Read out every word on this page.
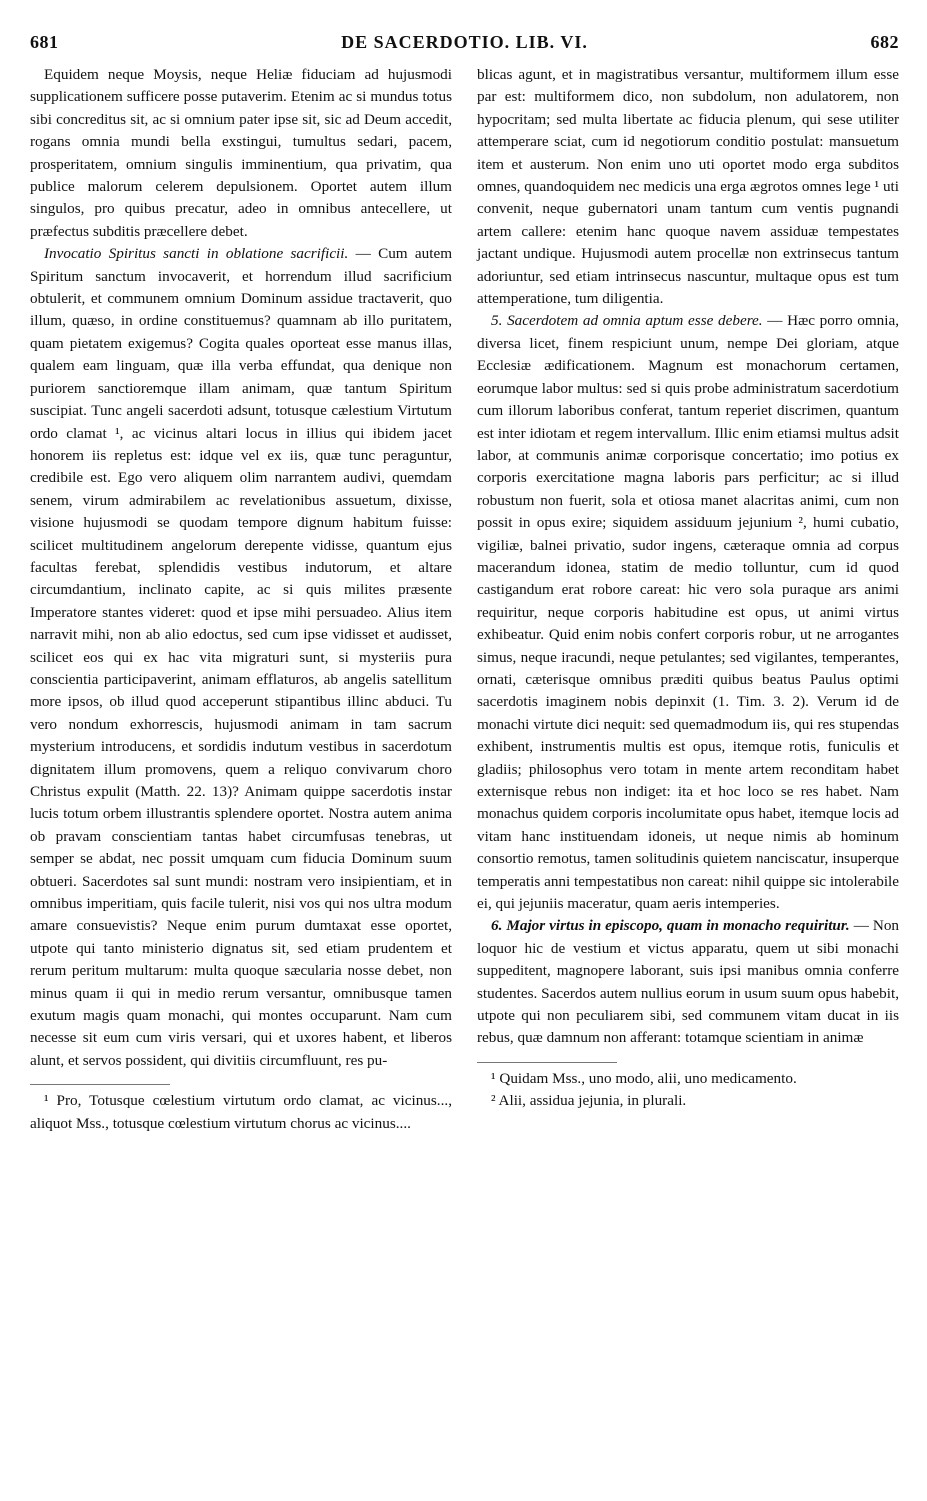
681	DE SACERDOTIO. LIB. VI.	682

Equidem neque Moysis, neque Heliæ fiduciam ad hujusmodi supplicationem sufficere posse putaverim. Etenim ac si mundus totus sibi concreditus sit, ac si omnium pater ipse sit, sic ad Deum accedit, rogans omnia mundi bella exstingui, tumultus sedari, pacem, prosperitatem, omnium singulis imminentium, qua privatim, qua publice malorum celerem depulsionem. Oportet autem illum singulos, pro quibus precatur, adeo in omnibus antecellere, ut præfectus subditis præcellere debet.

Invocatio Spiritus sancti in oblatione sacrificii. — Cum autem Spiritum sanctum invocaverit, et horrendum illud sacrificium obtulerit, et communem omnium Dominum assidue tractaverit, quo illum, quæso, in ordine constituemus? quamnam ab illo puritatem, quam pietatem exigemus? Cogita quales oporteat esse manus illas, qualem eam linguam, quæ illa verba effundat, qua denique non puriorem sanctioremque illam animam, quæ tantum Spiritum suscipiat. Tunc angeli sacerdoti adsunt, totusque cælestium Virtutum ordo clamat ¹, ac vicinus altari locus in illius qui ibidem jacet honorem iis repletus est: idque vel ex iis, quæ tunc peraguntur, credibile est. Ego vero aliquem olim narrantem audivi, quemdam senem, virum admirabilem ac revelationibus assuetum, dixisse, visione hujusmodi se quodam tempore dignum habitum fuisse: scilicet multitudinem angelorum derepente vidisse, quantum ejus facultas ferebat, splendidis vestibus indutorum, et altare circumdantium, inclinato capite, ac si quis milites præsente Imperatore stantes videret: quod et ipse mihi persuadeo. Alius item narravit mihi, non ab alio edoctus, sed cum ipse vidisset et audisset, scilicet eos qui ex hac vita migraturi sunt, si mysteriis pura conscientia participaverint, animam efflaturos, ab angelis satellitum more ipsos, ob illud quod acceperunt stipantibus illinc abduci. Tu vero nondum exhorrescis, hujusmodi animam in tam sacrum mysterium introducens, et sordidis indutum vestibus in sacerdotum dignitatem illum promovens, quem a reliquo convivarum choro Christus expulit (Matth. 22. 13)? Animam quippe sacerdotis instar lucis totum orbem illustrantis splendere oportet. Nostra autem anima ob pravam conscientiam tantas habet circumfusas tenebras, ut semper se abdat, nec possit umquam cum fiducia Dominum suum obtueri. Sacerdotes sal sunt mundi: nostram vero insipientiam, et in omnibus imperitiam, quis facile tulerit, nisi vos qui nos ultra modum amare consuevistis? Neque enim purum dumtaxat esse oportet, utpote qui tanto ministerio dignatus sit, sed etiam prudentem et rerum peritum multarum: multa quoque sæcularia nosse debet, non minus quam ii qui in medio rerum versantur, omnibusque tamen exutum magis quam monachi, qui montes occuparunt. Nam cum necesse sit eum cum viris versari, qui et uxores habent, et liberos alunt, et servos possident, qui divitiis circumfluunt, res pu-

¹ Pro, Totusque cœlestium virtutum ordo clamat, ac vicinus..., aliquot Mss., totusque cœlestium virtutum chorus ac vicinus....

blicas agunt, et in magistratibus versantur, multiformem illum esse par est: multiformem dico, non subdolum, non adulatorem, non hypocritam; sed multa libertate ac fiducia plenum, qui sese utiliter attemperare sciat, cum id negotiorum conditio postulat: mansuetum item et austerum. Non enim uno uti oportet modo erga subditos omnes, quandoquidem nec medicis una erga ægrotos omnes lege ¹ uti convenit, neque gubernatori unam tantum cum ventis pugnandi artem callere: etenim hanc quoque navem assiduæ tempestates jactant undique. Hujusmodi autem procellæ non extrinsecus tantum adoriuntur, sed etiam intrinsecus nascuntur, multaque opus est tum attemperatione, tum diligentia.

5. Sacerdotem ad omnia aptum esse debere. — Hæc porro omnia, diversa licet, finem respiciunt unum, nempe Dei gloriam, atque Ecclesiæ ædificationem. Magnum est monachorum certamen, eorumque labor multus: sed si quis probe administratum sacerdotium cum illorum laboribus conferat, tantum reperiet discrimen, quantum est inter idiotam et regem intervallum. Illic enim etiamsi multus adsit labor, at communis animæ corporisque concertatio; imo potius ex corporis exercitatione magna laboris pars perficitur; ac si illud robustum non fuerit, sola et otiosa manet alacritas animi, cum non possit in opus exire; siquidem assiduum jejunium ², humi cubatio, vigiliæ, balnei privatio, sudor ingens, cæteraque omnia ad corpus macerandum idonea, statim de medio tolluntur, cum id quod castigandum erat robore careat: hic vero sola puraque ars animi requiritur, neque corporis habitudine est opus, ut animi virtus exhibeatur. Quid enim nobis confert corporis robur, ut ne arrogantes simus, neque iracundi, neque petulantes; sed vigilantes, temperantes, ornati, cæterisque omnibus præditi quibus beatus Paulus optimi sacerdotis imaginem nobis depinxit (1. Tim. 3. 2). Verum id de monachi virtute dici nequit: sed quemadmodum iis, qui res stupendas exhibent, instrumentis multis est opus, itemque rotis, funiculis et gladiis; philosophus vero totam in mente artem reconditam habet externisque rebus non indiget: ita et hoc loco se res habet. Nam monachus quidem corporis incolumitate opus habet, itemque locis ad vitam hanc instituendam idoneis, ut neque nimis ab hominum consortio remotus, tamen solitudinis quietem nanciscatur, insuperque temperatis anni tempestatibus non careat: nihil quippe sic intolerabile ei, qui jejuniis maceratur, quam aeris intemperies.

6. Major virtus in episcopo, quam in monacho requiritur. — Non loquor hic de vestium et victus apparatu, quem ut sibi monachi suppeditent, magnopere laborant, suis ipsi manibus omnia conferre studentes. Sacerdos autem nullius eorum in usum suum opus habebit, utpote qui non peculiarem sibi, sed communem vitam ducat in iis rebus, quæ damnum non afferant: totamque scientiam in animæ

¹ Quidam Mss., uno modo, alii, uno medicamento.

² Alii, assidua jejunia, in plurali.
